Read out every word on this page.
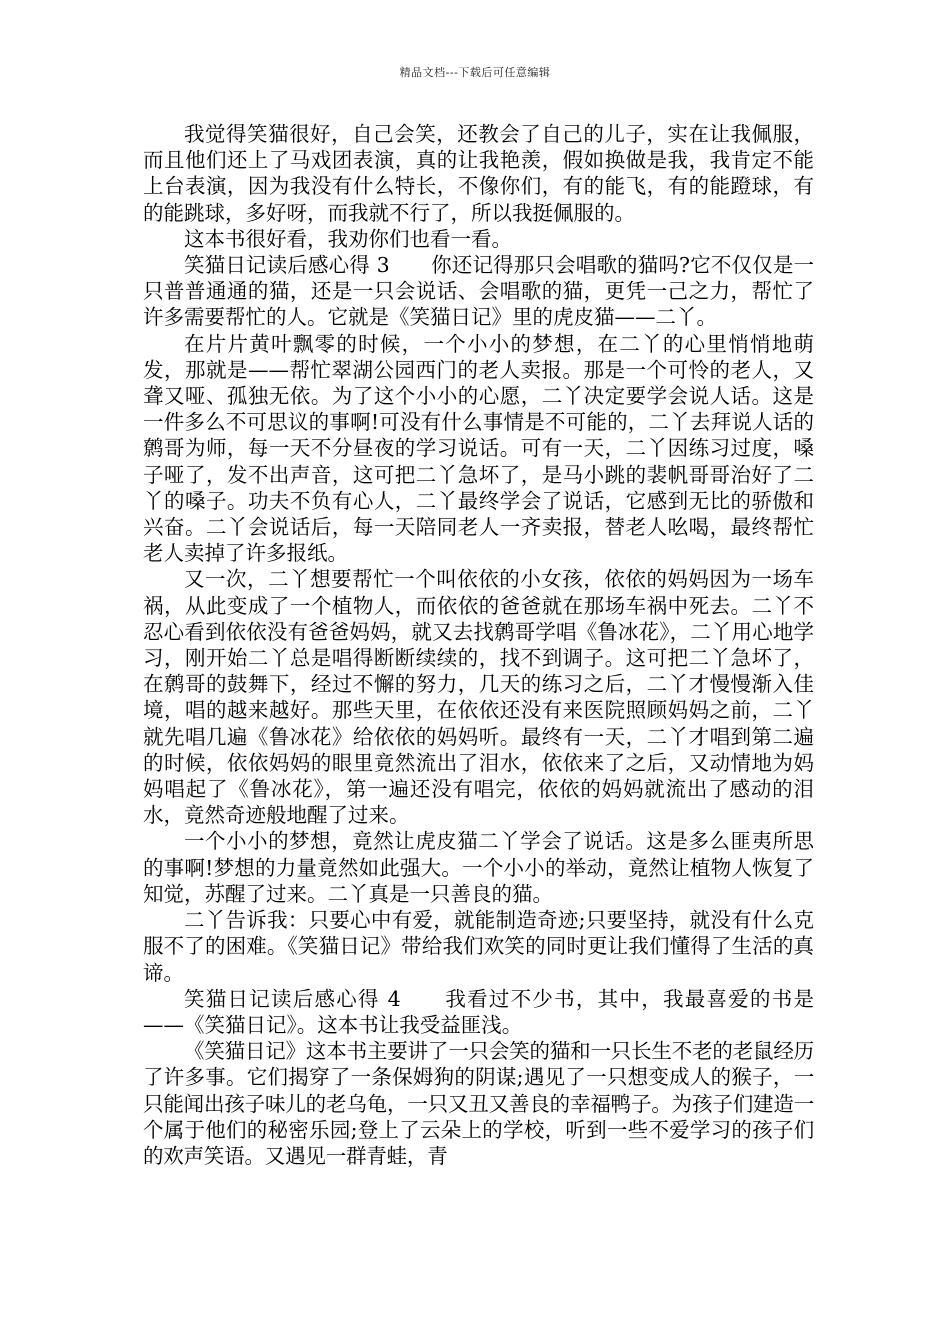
精品文档---下载后可任意编辑

我觉得笑猫很好，自己会笑，还教会了自己的儿子，实在让我佩服，而且他们还上了马戏团表演，真的让我艳羡，假如换做是我，我肯定不能上台表演，因为我没有什么特长，不像你们，有的能飞，有的能蹬球，有的能跳球，多好呀，而我就不行了，所以我挺佩服的。

这本书很好看，我劝你们也看一看。

笑猫日记读后感心得 3　　你还记得那只会唱歌的猫吗?它不仅仅是一只普普通通的猫，还是一只会说话、会唱歌的猫，更凭一己之力，帮忙了许多需要帮忙的人。它就是《笑猫日记》里的虎皮猫——二丫。

在片片黄叶飘零的时候，一个小小的梦想，在二丫的心里悄悄地萌发，那就是——帮忙翠湖公园西门的老人卖报。那是一个可怜的老人，又聋又哑、孤独无依。为了这个小小的心愿，二丫决定要学会说人话。这是一件多么不可思议的事啊!可没有什么事情是不可能的，二丫去拜说人话的鹩哥为师，每一天不分昼夜的学习说话。可有一天，二丫因练习过度，嗓子哑了，发不出声音，这可把二丫急坏了，是马小跳的裴帆哥哥治好了二丫的嗓子。功夫不负有心人，二丫最终学会了说话，它感到无比的骄傲和兴奋。二丫会说话后，每一天陪同老人一齐卖报，替老人吆喝，最终帮忙老人卖掉了许多报纸。

又一次，二丫想要帮忙一个叫依依的小女孩，依依的妈妈因为一场车祸，从此变成了一个植物人，而依依的爸爸就在那场车祸中死去。二丫不忍心看到依依没有爸爸妈妈，就又去找鹩哥学唱《鲁冰花》，二丫用心地学习，刚开始二丫总是唱得断断续续的，找不到调子。这可把二丫急坏了，在鹩哥的鼓舞下，经过不懈的努力，几天的练习之后，二丫才慢慢渐入佳境，唱的越来越好。那些天里，在依依还没有来医院照顾妈妈之前，二丫就先唱几遍《鲁冰花》给依依的妈妈听。最终有一天，二丫才唱到第二遍的时候，依依妈妈的眼里竟然流出了泪水，依依来了之后，又动情地为妈妈唱起了《鲁冰花》，第一遍还没有唱完，依依的妈妈就流出了感动的泪水，竟然奇迹般地醒了过来。

一个小小的梦想，竟然让虎皮猫二丫学会了说话。这是多么匪夷所思的事啊!梦想的力量竟然如此强大。一个小小的举动，竟然让植物人恢复了知觉，苏醒了过来。二丫真是一只善良的猫。

二丫告诉我：只要心中有爱，就能制造奇迹;只要坚持，就没有什么克服不了的困难。《笑猫日记》带给我们欢笑的同时更让我们懂得了生活的真谛。

笑猫日记读后感心得 4　　我看过不少书，其中，我最喜爱的书是——《笑猫日记》。这本书让我受益匪浅。

《笑猫日记》这本书主要讲了一只会笑的猫和一只长生不老的老鼠经历了许多事。它们揭穿了一条保姆狗的阴谋;遇见了一只想变成人的猴子，一只能闻出孩子味儿的老乌龟，一只又丑又善良的幸福鸭子。为孩子们建造一个属于他们的秘密乐园;登上了云朵上的学校，听到一些不爱学习的孩子们的欢声笑语。又遇见一群青蛙，青
